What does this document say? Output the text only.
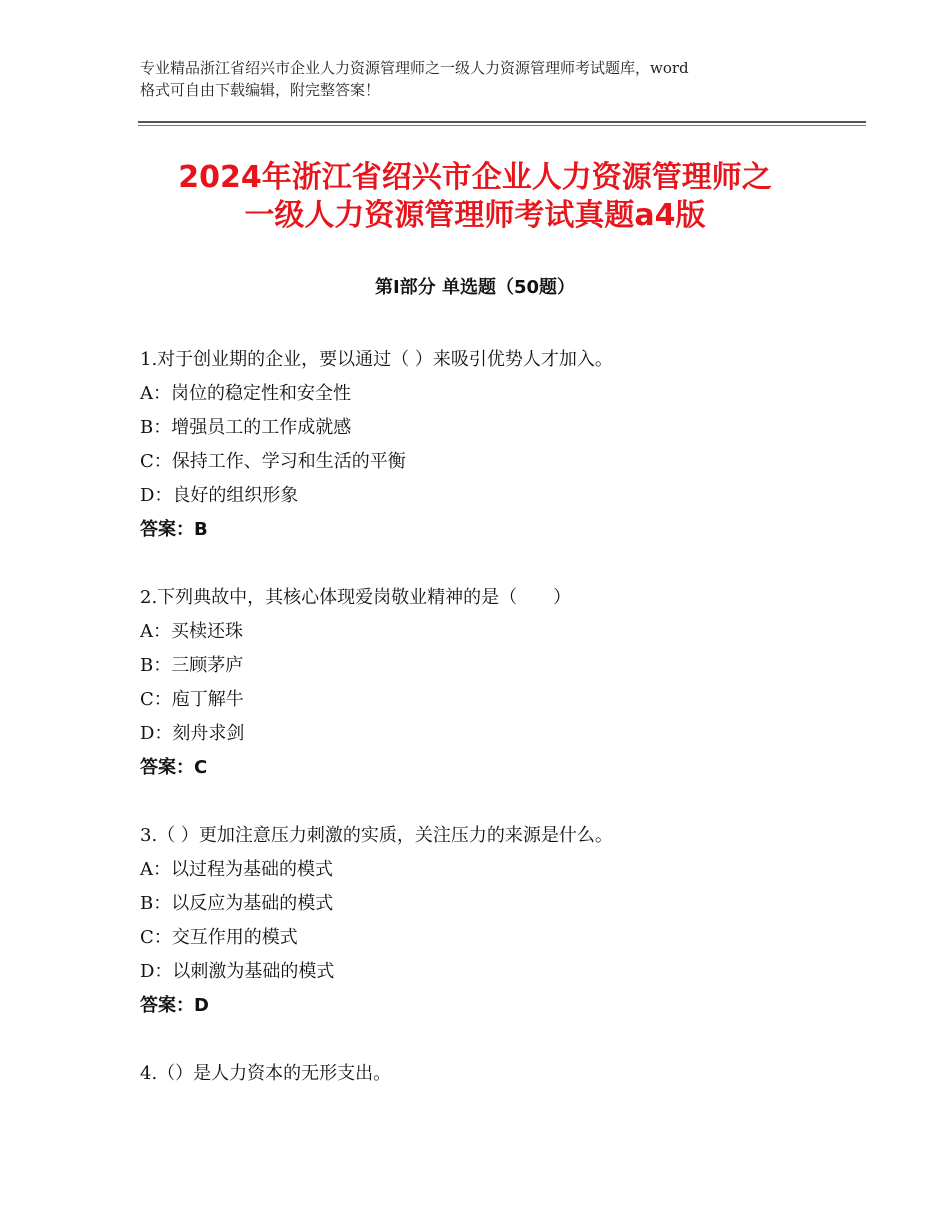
专业精品浙江省绍兴市企业人力资源管理师之一级人力资源管理师考试题库，word
格式可自由下载编辑，附完整答案！
2024年浙江省绍兴市企业人力资源管理师之
一级人力资源管理师考试真题a4版
第Ⅰ部分 单选题（50题）
1.对于创业期的企业，要以通过（ ）来吸引优势人才加入。
A：岗位的稳定性和安全性
B：增强员工的工作成就感
C：保持工作、学习和生活的平衡
D：良好的组织形象
答案：B
2.下列典故中，其核心体现爱岗敬业精神的是（　　）
A：买椟还珠
B：三顾茅庐
C：庖丁解牛
D：刻舟求剑
答案：C
3.（ ）更加注意压力刺激的实质，关注压力的来源是什么。
A：以过程为基础的模式
B：以反应为基础的模式
C：交互作用的模式
D：以刺激为基础的模式
答案：D
4.（）是人力资本的无形支出。
